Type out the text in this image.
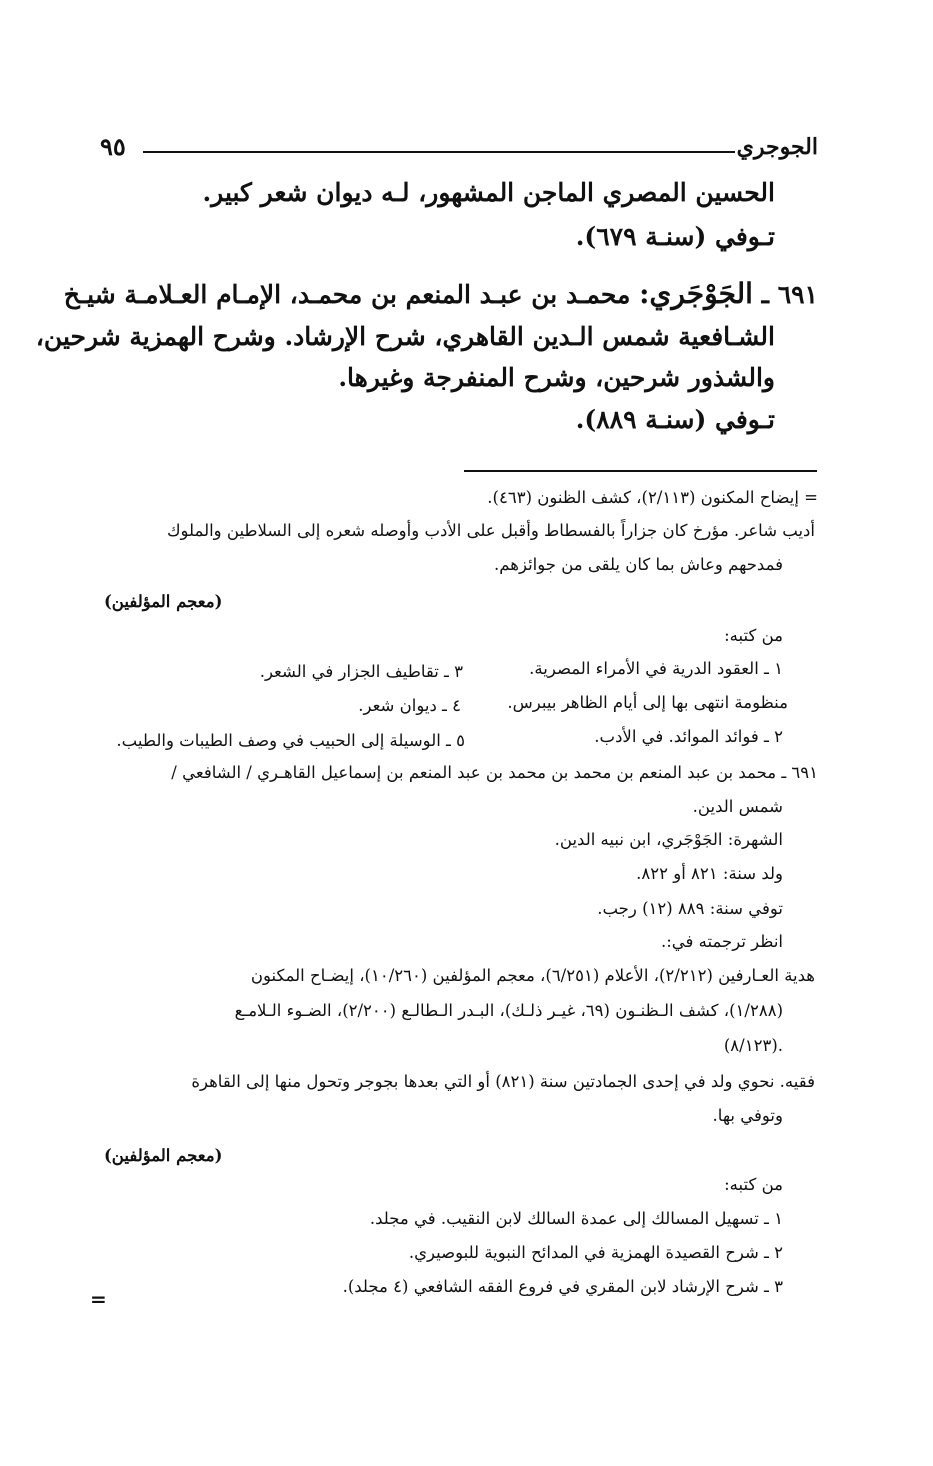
الجوجري
٩٥
الحسين المصري الماجن المشهور، لـه ديوان شعر كبير.
تـوفي (سنـة ٦٧٩).
٦٩١ ـ الجَوْجَري: محمـد بن عبـد المنعم بن محمـد، الإمـام العـلامـة شيـخ
الشـافعية شمس الـدين القاهري، شرح الإرشاد. وشرح الهمزية شرحين،
والشذور شرحين، وشرح المنفرجة وغيرها.
تـوفي (سنـة ٨٨٩).
= إيضاح المكنون (٢/١١٣)، كشف الظنون (٤٦٣).
أديب شاعر. مؤرخ كان جزاراً بالفسطاط وأقبل على الأدب وأوصله شعره إلى السلاطين والملوك
فمدحهم وعاش بما كان يلقى من جوائزهم.
(معجم المؤلفين)
من كتبه:
١ ـ العقود الدرية في الأمراء المصرية.
٣ ـ تقاطيف الجزار في الشعر.
منظومة انتهى بها إلى أيام الظاهر بيبرس.
٤ ـ ديوان شعر.
٢ ـ فوائد الموائد. في الأدب.
٥ ـ الوسيلة إلى الحبيب في وصف الطيبات والطيب.
٦٩١ ـ محمد بن عبد المنعم بن محمد بن محمد بن عبد المنعم بن إسماعيل القاهـري / الشافعي /
شمس الدين.
الشهرة: الجَوْجَري، ابن نبيه الدين.
ولد سنة: ٨٢١ أو ٨٢٢.
توفي سنة: ٨٨٩ (١٢) رجب.
انظر ترجمته في:.
هدية العـارفين (٢/٢١٢)، الأعلام (٦/٢٥١)، معجم المؤلفين (١٠/٢٦٠)، إيضـاح المكنون
(١/٢٨٨)، كشف الـظنـون (٦٩، غيـر ذلـك)، البـدر الـطالـع (٢/٢٠٠)، الضـوء الـلامـع
(٨/١٢٣).
فقيه. نحوي ولد في إحدى الجمادتين سنة (٨٢١) أو التي بعدها بجوجر وتحول منها إلى القاهرة
وتوفي بها.
(معجم المؤلفين)
من كتبه:
١ ـ تسهيل المسالك إلى عمدة السالك لابن النقيب. في مجلد.
٢ ـ شرح القصيدة الهمزية في المدائح النبوية للبوصيري.
٣ ـ شرح الإرشاد لابن المقري في فروع الفقه الشافعي (٤ مجلد).
=
